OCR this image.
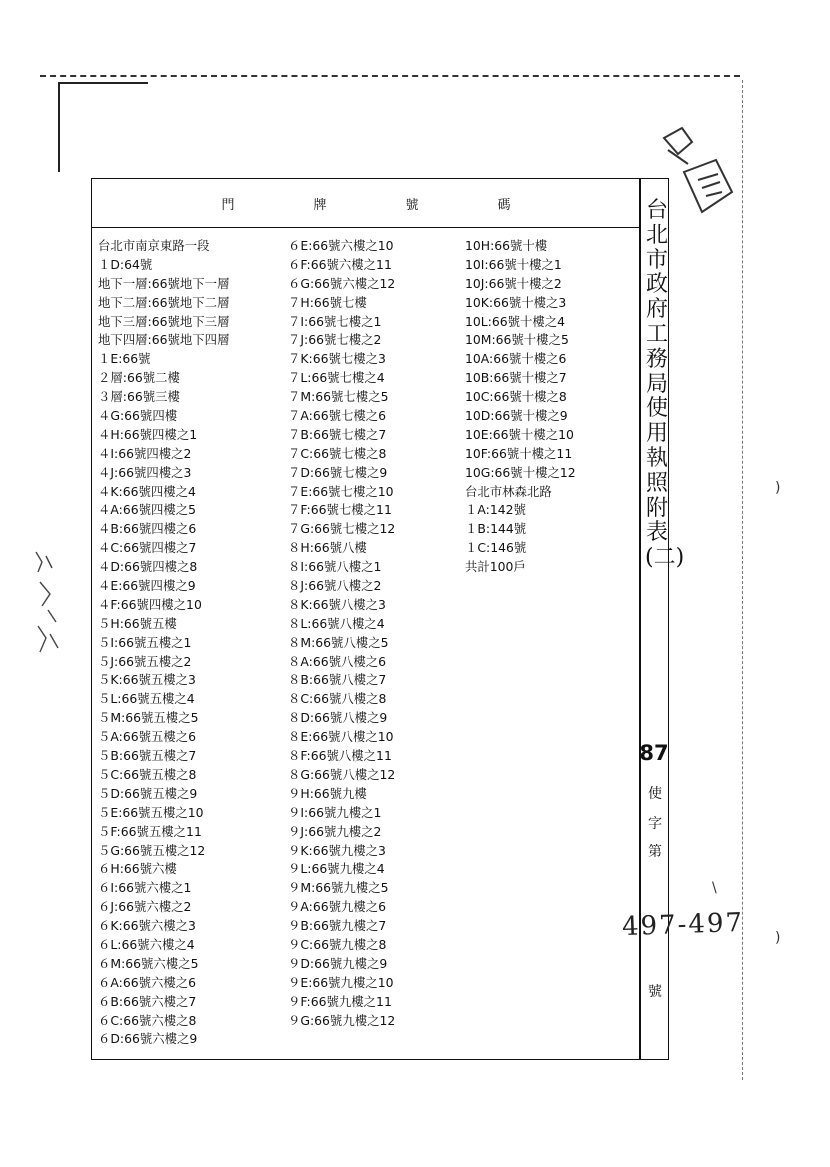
)
)
\
門	牌	號	碼
台北市南京東路一段
１D:64號
地下一層:66號地下一層
地下二層:66號地下二層
地下三層:66號地下三層
地下四層:66號地下四層
１E:66號
２層:66號二樓
３層:66號三樓
４G:66號四樓
４H:66號四樓之1
４I:66號四樓之2
４J:66號四樓之3
４K:66號四樓之4
４A:66號四樓之5
４B:66號四樓之6
４C:66號四樓之7
４D:66號四樓之8
４E:66號四樓之9
４F:66號四樓之10
５H:66號五樓
５I:66號五樓之1
５J:66號五樓之2
５K:66號五樓之3
５L:66號五樓之4
５M:66號五樓之5
５A:66號五樓之6
５B:66號五樓之7
５C:66號五樓之8
５D:66號五樓之9
５E:66號五樓之10
５F:66號五樓之11
５G:66號五樓之12
６H:66號六樓
６I:66號六樓之1
６J:66號六樓之2
６K:66號六樓之3
６L:66號六樓之4
６M:66號六樓之5
６A:66號六樓之6
６B:66號六樓之7
６C:66號六樓之8
６D:66號六樓之9
６E:66號六樓之10
６F:66號六樓之11
６G:66號六樓之12
７H:66號七樓
７I:66號七樓之1
７J:66號七樓之2
７K:66號七樓之3
７L:66號七樓之4
７M:66號七樓之5
７A:66號七樓之6
７B:66號七樓之7
７C:66號七樓之8
７D:66號七樓之9
７E:66號七樓之10
７F:66號七樓之11
７G:66號七樓之12
８H:66號八樓
８I:66號八樓之1
８J:66號八樓之2
８K:66號八樓之3
８L:66號八樓之4
８M:66號八樓之5
８A:66號八樓之6
８B:66號八樓之7
８C:66號八樓之8
８D:66號八樓之9
８E:66號八樓之10
８F:66號八樓之11
８G:66號八樓之12
９H:66號九樓
９I:66號九樓之1
９J:66號九樓之2
９K:66號九樓之3
９L:66號九樓之4
９M:66號九樓之5
９A:66號九樓之6
９B:66號九樓之7
９C:66號九樓之8
９D:66號九樓之9
９E:66號九樓之10
９F:66號九樓之11
９G:66號九樓之12
10H:66號十樓
10I:66號十樓之1
10J:66號十樓之2
10K:66號十樓之3
10L:66號十樓之4
10M:66號十樓之5
10A:66號十樓之6
10B:66號十樓之7
10C:66號十樓之8
10D:66號十樓之9
10E:66號十樓之10
10F:66號十樓之11
10G:66號十樓之12
台北市林森北路
１A:142號
１B:144號
１C:146號
共計100戶
台北市政府工務局使用執照附表(二)
87
使
字
第
號
497-497
